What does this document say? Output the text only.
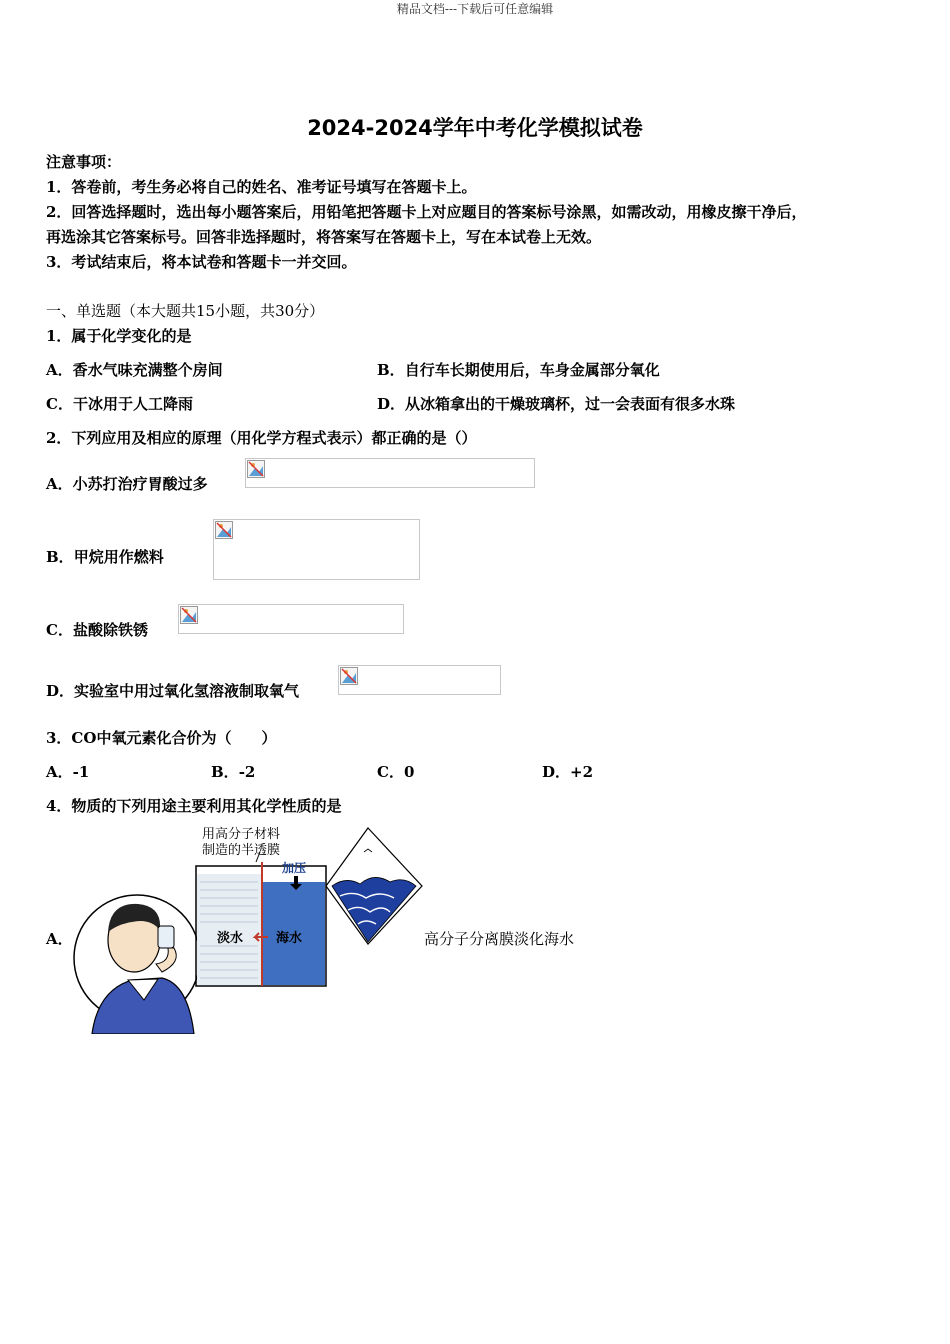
精品文档---下载后可任意编辑
2024-2024学年中考化学模拟试卷
注意事项：
1．答卷前，考生务必将自己的姓名、准考证号填写在答题卡上。
2．回答选择题时，选出每小题答案后，用铅笔把答题卡上对应题目的答案标号涂黑，如需改动，用橡皮擦干净后，
再选涂其它答案标号。回答非选择题时，将答案写在答题卡上，写在本试卷上无效。
3．考试结束后，将本试卷和答题卡一并交回。
一、单选题（本大题共15小题，共30分）
1．属于化学变化的是
A．香水气味充满整个房间	B．自行车长期使用后，车身金属部分氧化
C．干冰用于人工降雨	D．从冰箱拿出的干燥玻璃杯，过一会表面有很多水珠
2．下列应用及相应的原理（用化学方程式表示）都正确的是（）
A．小苏打治疗胃酸过多
B．甲烷用作燃料
C．盐酸除铁锈
D．实验室中用过氧化氢溶液制取氧气
3．CO中氧元素化合价为（　　）
A．-1	B．-2	C．0	D．+2
4．物质的下列用途主要利用其化学性质的是
A．	高分子分离膜淡化海水
用高分子材料
制造的半透膜
加压
淡水	海水
